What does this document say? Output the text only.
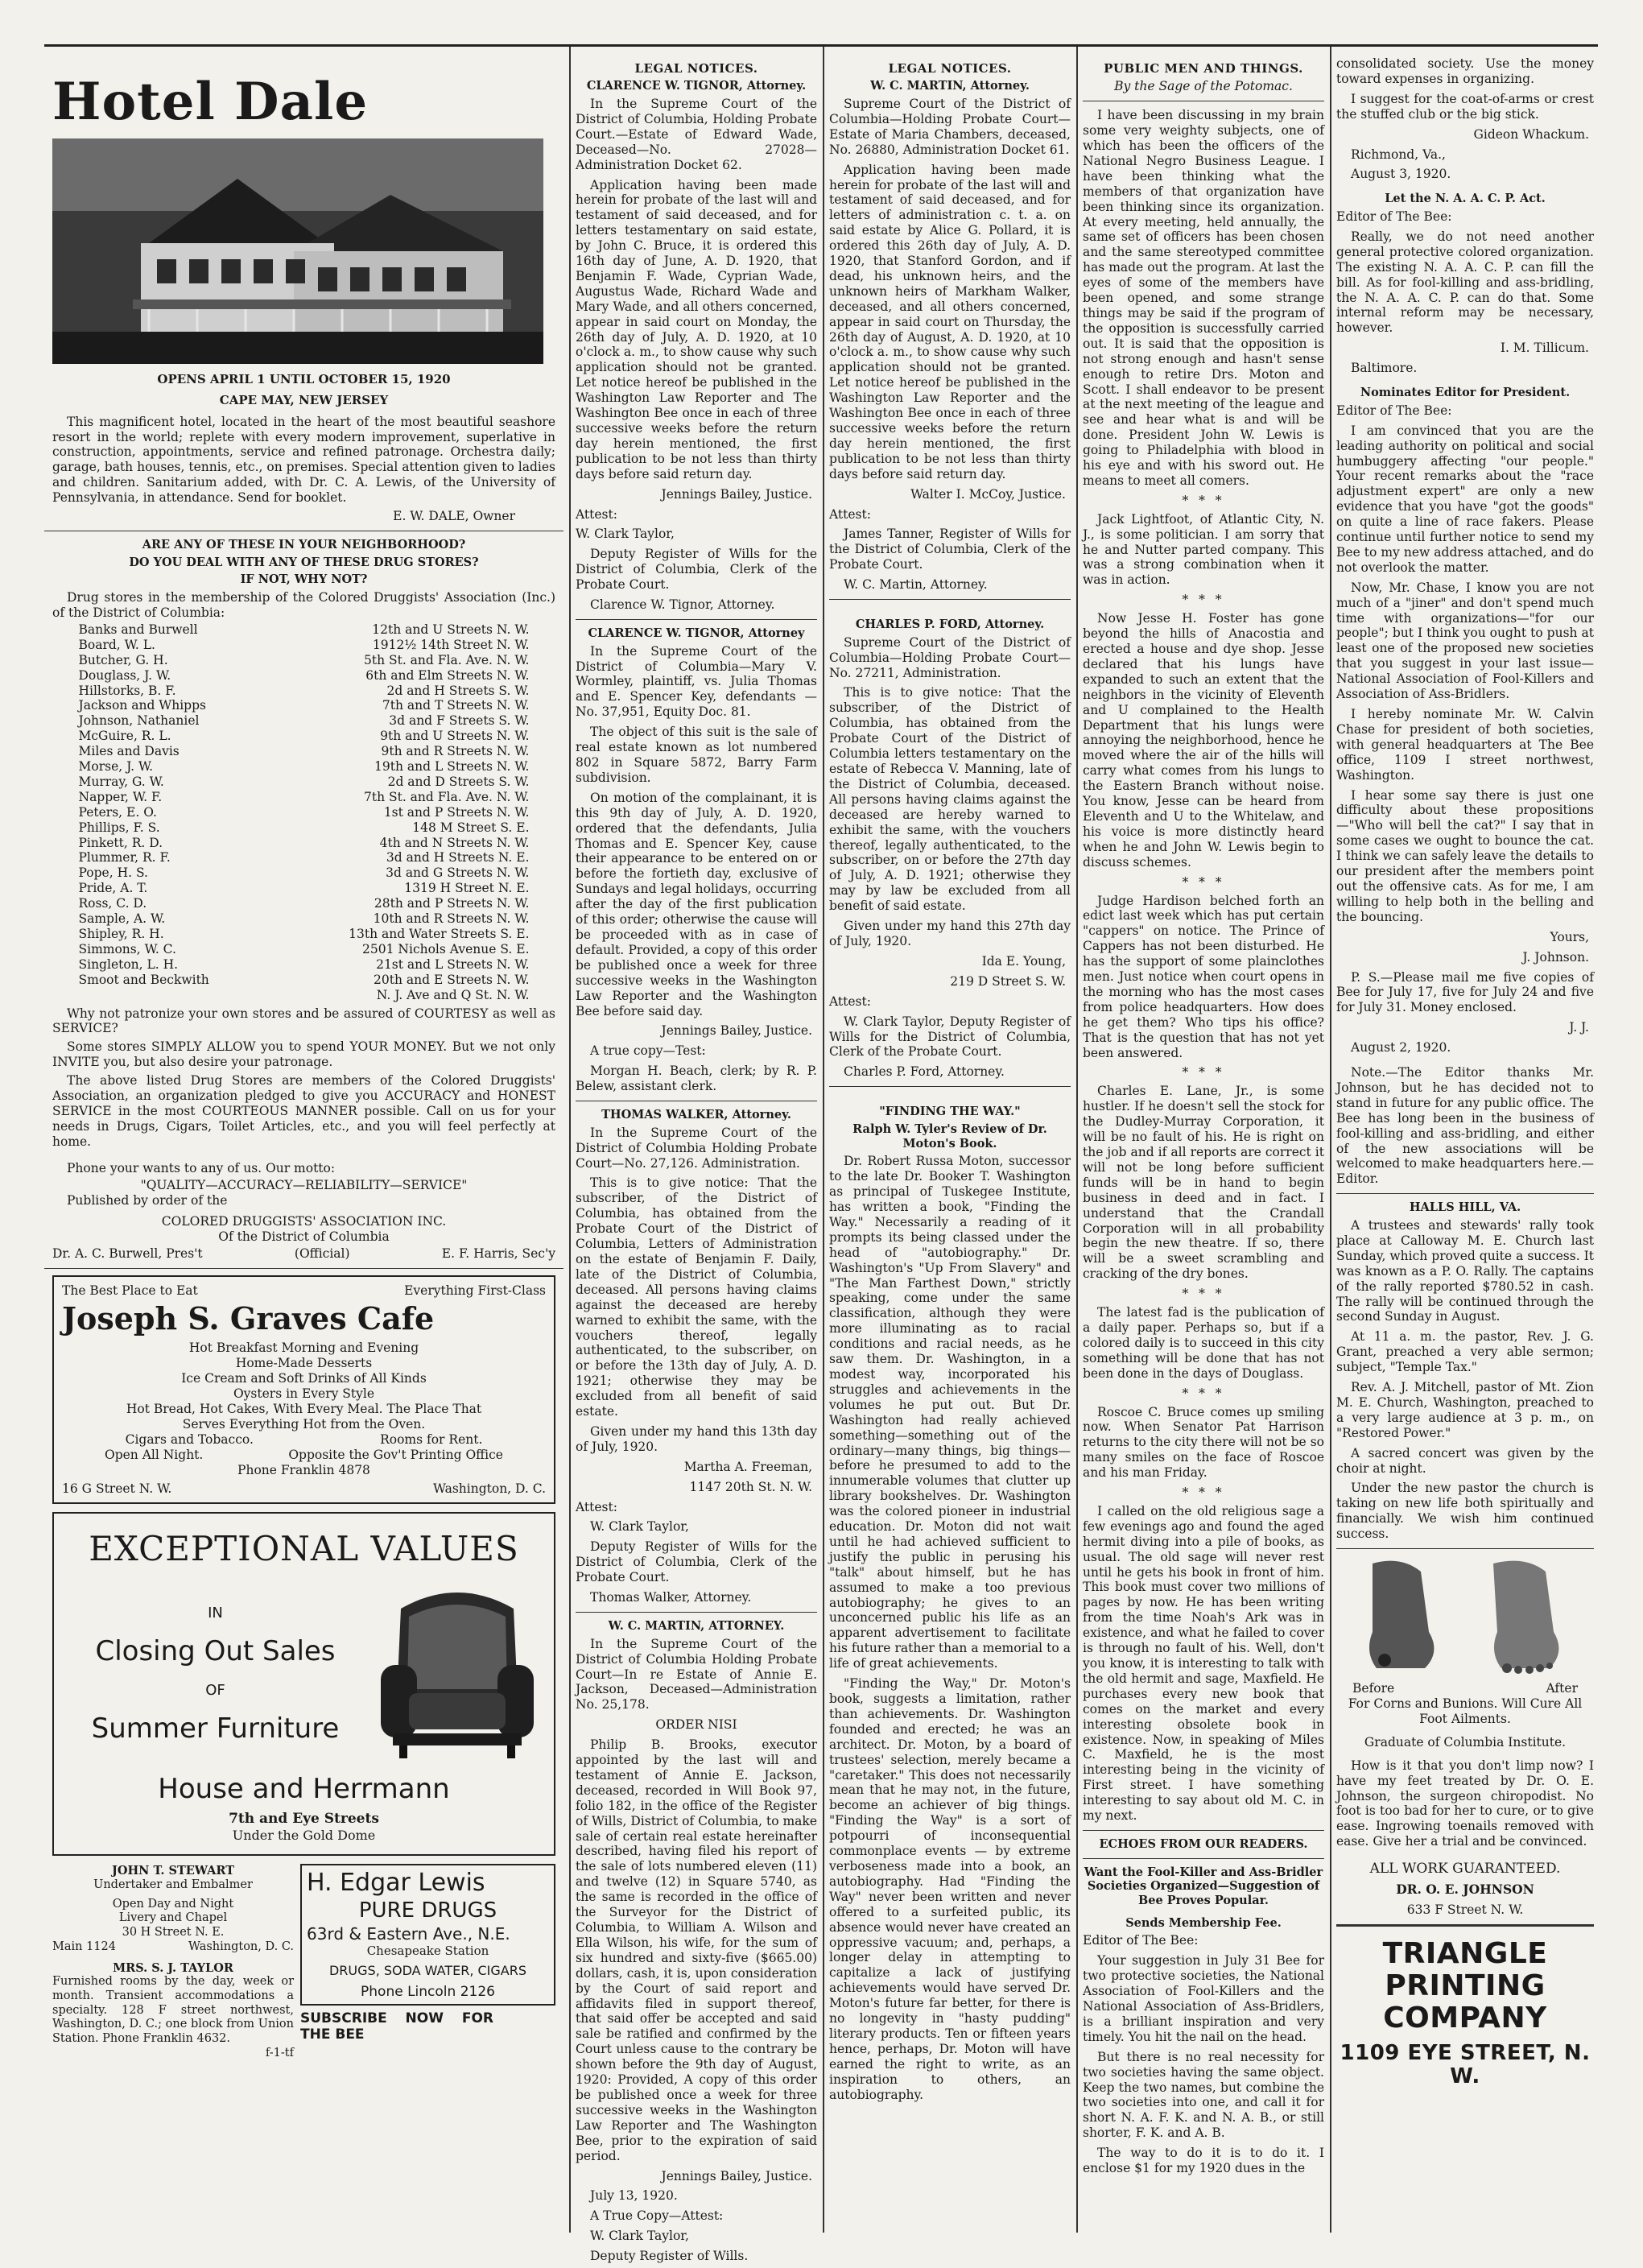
Hotel Dale
OPENS APRIL 1 UNTIL OCTOBER 15, 1920
CAPE MAY, NEW JERSEY

This magnificent hotel, located in the heart of the most beautiful seashore resort in the world; replete with every modern improvement, superlative in construction, appointments, service and refined patronage. Orchestra daily; garage, bath houses, tennis, etc., on premises. Special attention given to ladies and children. Sanitarium added, with Dr. C. A. Lewis, of the University of Pennsylvania, in attendance. Send for booklet.

E. W. DALE, Owner

ARE ANY OF THESE IN YOUR NEIGHBORHOOD?
DO YOU DEAL WITH ANY OF THESE DRUG STORES?
IF NOT, WHY NOT?

Drug stores in the membership of the Colored Druggists' Association (Inc.) of the District of Columbia:

Banks and Burwell	12th and U Streets N. W.
Board, W. L.	1912½ 14th Street N. W.
Butcher, G. H.	5th St. and Fla. Ave. N. W.
Douglass, J. W.	6th and Elm Streets N. W.
Hillstorks, B. F.	2d and H Streets S. W.
Jackson and Whipps	7th and T Streets N. W.
Johnson, Nathaniel	3d and F Streets S. W.
McGuire, R. L.	9th and U Streets N. W.
Miles and Davis	9th and R Streets N. W.
Morse, J. W.	19th and L Streets N. W.
Murray, G. W.	2d and D Streets S. W.
Napper, W. F.	7th St. and Fla. Ave. N. W.
Peters, E. O.	1st and P Streets N. W.
Phillips, F. S.	148 M Street S. E.
Pinkett, R. D.	4th and N Streets N. W.
Plummer, R. F.	3d and H Streets N. E.
Pope, H. S.	3d and G Streets N. W.
Pride, A. T.	1319 H Street N. E.
Ross, C. D.	28th and P Streets N. W.
Sample, A. W.	10th and R Streets N. W.
Shipley, R. H.	13th and Water Streets S. E.
Simmons, W. C.	2501 Nichols Avenue S. E.
Singleton, L. H.	21st and L Streets N. W.
Smoot and Beckwith	20th and E Streets N. W.
N. J. Ave and Q St. N. W.

Why not patronize your own stores and be assured of COURTESY as well as SERVICE?

Some stores SIMPLY ALLOW you to spend YOUR MONEY. But we not only INVITE you, but also desire your patronage.

The above listed Drug Stores are members of the Colored Druggists' Association, an organization pledged to give you ACCURACY and HONEST SERVICE in the most COURTEOUS MANNER possible. Call on us for your needs in Drugs, Cigars, Toilet Articles, etc., and you will feel perfectly at home.

Phone your wants to any of us. Our motto:

"QUALITY—ACCURACY—RELIABILITY—SERVICE"

Published by order of the

COLORED DRUGGISTS' ASSOCIATION INC.

Of the District of Columbia

Dr. A. C. Burwell, Pres't	(Official)	E. F. Harris, Sec'y
The Best Place to Eat	Everything First-Class
Joseph S. Graves Cafe
Hot Breakfast Morning and Evening
Home-Made Desserts
Ice Cream and Soft Drinks of All Kinds
Oysters in Every Style
Hot Bread, Hot Cakes, With Every Meal. The Place That
Serves Everything Hot from the Oven.
Cigars and Tobacco.	Rooms for Rent.
Open All Night.	Opposite the Gov't Printing Office
Phone Franklin 4878
16 G Street N. W.	Washington, D. C.
EXCEPTIONAL VALUES
IN
Closing Out Sales
OF
Summer Furniture
House and Herrmann
7th and Eye Streets
Under the Gold Dome
JOHN T. STEWART
Undertaker and Embalmer
Open Day and Night
Livery and Chapel
30 H Street N. E.
Main 1124	Washington, D. C.
MRS. S. J. TAYLOR
Furnished rooms by the day, week or month. Transient accommodations a specialty. 128 F street northwest, Washington, D. C.; one block from Union Station. Phone Franklin 4632.
f-1-tf
H. Edgar Lewis
PURE DRUGS
63rd & Eastern Ave., N.E.
Chesapeake Station
DRUGS, SODA WATER, CIGARS
Phone Lincoln 2126
SUBSCRIBE NOW FOR THE BEE
LEGAL NOTICES.
CLARENCE W. TIGNOR, Attorney.

In the Supreme Court of the District of Columbia, Holding Probate Court.—Estate of Edward Wade, Deceased—No. 27028—Administration Docket 62.

Application having been made herein for probate of the last will and testament of said deceased, and for letters testamentary on said estate, by John C. Bruce, it is ordered this 16th day of June, A. D. 1920, that Benjamin F. Wade, Cyprian Wade, Augustus Wade, Richard Wade and Mary Wade, and all others concerned, appear in said court on Monday, the 26th day of July, A. D. 1920, at 10 o'clock a. m., to show cause why such application should not be granted. Let notice hereof be published in the Washington Law Reporter and The Washington Bee once in each of three successive weeks before the return day herein mentioned, the first publication to be not less than thirty days before said return day.

Jennings Bailey, Justice.

Attest:

W. Clark Taylor,

Deputy Register of Wills for the District of Columbia, Clerk of the Probate Court.

Clarence W. Tignor, Attorney.

CLARENCE W. TIGNOR, Attorney

In the Supreme Court of the District of Columbia—Mary V. Wormley, plaintiff, vs. Julia Thomas and E. Spencer Key, defendants — No. 37,951, Equity Doc. 81.

The object of this suit is the sale of real estate known as lot numbered 802 in Square 5872, Barry Farm subdivision.

On motion of the complainant, it is this 9th day of July, A. D. 1920, ordered that the defendants, Julia Thomas and E. Spencer Key, cause their appearance to be entered on or before the fortieth day, exclusive of Sundays and legal holidays, occurring after the day of the first publication of this order; otherwise the cause will be proceeded with as in case of default. Provided, a copy of this order be published once a week for three successive weeks in the Washington Law Reporter and the Washington Bee before said day.

Jennings Bailey, Justice.

A true copy—Test:

Morgan H. Beach, clerk; by R. P. Belew, assistant clerk.

THOMAS WALKER, Attorney.

In the Supreme Court of the District of Columbia Holding Probate Court—No. 27,126. Administration.

This is to give notice: That the subscriber, of the District of Columbia, has obtained from the Probate Court of the District of Columbia, Letters of Administration on the estate of Benjamin F. Daily, late of the District of Columbia, deceased. All persons having claims against the deceased are hereby warned to exhibit the same, with the vouchers thereof, legally authenticated, to the subscriber, on or before the 13th day of July, A. D. 1921; otherwise they may be excluded from all benefit of said estate.

Given under my hand this 13th day of July, 1920.

Martha A. Freeman,

1147 20th St. N. W.

Attest:

W. Clark Taylor,

Deputy Register of Wills for the District of Columbia, Clerk of the Probate Court.

Thomas Walker, Attorney.

W. C. MARTIN, ATTORNEY.

In the Supreme Court of the District of Columbia Holding Probate Court—In re Estate of Annie E. Jackson, Deceased—Administration No. 25,178.

ORDER NISI

Philip B. Brooks, executor appointed by the last will and testament of Annie E. Jackson, deceased, recorded in Will Book 97, folio 182, in the office of the Register of Wills, District of Columbia, to make sale of certain real estate hereinafter described, having filed his report of the sale of lots numbered eleven (11) and twelve (12) in Square 5740, as the same is recorded in the office of the Surveyor for the District of Columbia, to William A. Wilson and Ella Wilson, his wife, for the sum of six hundred and sixty-five ($665.00) dollars, cash, it is, upon consideration by the Court of said report and affidavits filed in support thereof, that said offer be accepted and said sale be ratified and confirmed by the Court unless cause to the contrary be shown before the 9th day of August, 1920: Provided, A copy of this order be published once a week for three successive weeks in the Washington Law Reporter and The Washington Bee, prior to the expiration of said period.

Jennings Bailey, Justice.

July 13, 1920.

A True Copy—Attest:

W. Clark Taylor,

Deputy Register of Wills.

LEGAL NOTICES.
W. C. MARTIN, Attorney.

Supreme Court of the District of Columbia—Holding Probate Court—Estate of Maria Chambers, deceased, No. 26880, Administration Docket 61.

Application having been made herein for probate of the last will and testament of said deceased, and for letters of administration c. t. a. on said estate by Alice G. Pollard, it is ordered this 26th day of July, A. D. 1920, that Stanford Gordon, and if dead, his unknown heirs, and the unknown heirs of Markham Walker, deceased, and all others concerned, appear in said court on Thursday, the 26th day of August, A. D. 1920, at 10 o'clock a. m., to show cause why such application should not be granted. Let notice hereof be published in the Washington Law Reporter and the Washington Bee once in each of three successive weeks before the return day herein mentioned, the first publication to be not less than thirty days before said return day.

Walter I. McCoy, Justice.

Attest:

James Tanner, Register of Wills for the District of Columbia, Clerk of the Probate Court.

W. C. Martin, Attorney.

CHARLES P. FORD, Attorney.

Supreme Court of the District of Columbia—Holding Probate Court—No. 27211, Administration.

This is to give notice: That the subscriber, of the District of Columbia, has obtained from the Probate Court of the District of Columbia letters testamentary on the estate of Rebecca V. Manning, late of the District of Columbia, deceased. All persons having claims against the deceased are hereby warned to exhibit the same, with the vouchers thereof, legally authenticated, to the subscriber, on or before the 27th day of July, A. D. 1921; otherwise they may by law be excluded from all benefit of said estate.

Given under my hand this 27th day of July, 1920.

Ida E. Young,

219 D Street S. W.

Attest:

W. Clark Taylor, Deputy Register of Wills for the District of Columbia, Clerk of the Probate Court.

Charles P. Ford, Attorney.

"FINDING THE WAY."
Ralph W. Tyler's Review of Dr. Moton's Book.

Dr. Robert Russa Moton, successor to the late Dr. Booker T. Washington as principal of Tuskegee Institute, has written a book, "Finding the Way." Necessarily a reading of it prompts its being classed under the head of "autobiography." Dr. Washington's "Up From Slavery" and "The Man Farthest Down," strictly speaking, come under the same classification, although they were more illuminating as to racial conditions and racial needs, as he saw them. Dr. Washington, in a modest way, incorporated his struggles and achievements in the volumes he put out. But Dr. Washington had really achieved something—something out of the ordinary—many things, big things—before he presumed to add to the innumerable volumes that clutter up library bookshelves. Dr. Washington was the colored pioneer in industrial education. Dr. Moton did not wait until he had achieved sufficient to justify the public in perusing his "talk" about himself, but he has assumed to make a too previous autobiography; he gives to an unconcerned public his life as an apparent advertisement to facilitate his future rather than a memorial to a life of great achievements.

"Finding the Way," Dr. Moton's book, suggests a limitation, rather than achievements. Dr. Washington founded and erected; he was an architect. Dr. Moton, by a board of trustees' selection, merely became a "caretaker." This does not necessarily mean that he may not, in the future, become an achiever of big things. "Finding the Way" is a sort of potpourri of inconsequential commonplace events — by extreme verboseness made into a book, an autobiography. Had "Finding the Way" never been written and never offered to a surfeited public, its absence would never have created an oppressive vacuum; and, perhaps, a longer delay in attempting to capitalize a lack of justifying achievements would have served Dr. Moton's future far better, for there is no longevity in "hasty pudding" literary products. Ten or fifteen years hence, perhaps, Dr. Moton will have earned the right to write, as an inspiration to others, an autobiography.

PUBLIC MEN AND THINGS.
By the Sage of the Potomac.

I have been discussing in my brain some very weighty subjects, one of which has been the officers of the National Negro Business League. I have been thinking what the members of that organization have been thinking since its organization. At every meeting, held annually, the same set of officers has been chosen and the same stereotyped committee has made out the program. At last the eyes of some of the members have been opened, and some strange things may be said if the program of the opposition is successfully carried out. It is said that the opposition is not strong enough and hasn't sense enough to retire Drs. Moton and Scott. I shall endeavor to be present at the next meeting of the league and see and hear what is and will be done. President John W. Lewis is going to Philadelphia with blood in his eye and with his sword out. He means to meet all comers.

* * *

Jack Lightfoot, of Atlantic City, N. J., is some politician. I am sorry that he and Nutter parted company. This was a strong combination when it was in action.

* * *

Now Jesse H. Foster has gone beyond the hills of Anacostia and erected a house and dye shop. Jesse declared that his lungs have expanded to such an extent that the neighbors in the vicinity of Eleventh and U complained to the Health Department that his lungs were annoying the neighborhood, hence he moved where the air of the hills will carry what comes from his lungs to the Eastern Branch without noise. You know, Jesse can be heard from Eleventh and U to the Whitelaw, and his voice is more distinctly heard when he and John W. Lewis begin to discuss schemes.

* * *

Judge Hardison belched forth an edict last week which has put certain "cappers" on notice. The Prince of Cappers has not been disturbed. He has the support of some plainclothes men. Just notice when court opens in the morning who has the most cases from police headquarters. How does he get them? Who tips his office? That is the question that has not yet been answered.

* * *

Charles E. Lane, Jr., is some hustler. If he doesn't sell the stock for the Dudley-Murray Corporation, it will be no fault of his. He is right on the job and if all reports are correct it will not be long before sufficient funds will be in hand to begin business in deed and in fact. I understand that the Crandall Corporation will in all probability begin the new theatre. If so, there will be a sweet scrambling and cracking of the dry bones.

* * *

The latest fad is the publication of a daily paper. Perhaps so, but if a colored daily is to succeed in this city something will be done that has not been done in the days of Douglass.

* * *

Roscoe C. Bruce comes up smiling now. When Senator Pat Harrison returns to the city there will not be so many smiles on the face of Roscoe and his man Friday.

* * *

I called on the old religious sage a few evenings ago and found the aged hermit diving into a pile of books, as usual. The old sage will never rest until he gets his book in front of him. This book must cover two millions of pages by now. He has been writing from the time Noah's Ark was in existence, and what he failed to cover is through no fault of his. Well, don't you know, it is interesting to talk with the old hermit and sage, Maxfield. He purchases every new book that comes on the market and every interesting obsolete book in existence. Now, in speaking of Miles C. Maxfield, he is the most interesting being in the vicinity of First street. I have something interesting to say about old M. C. in my next.

ECHOES FROM OUR READERS.
Want the Fool-Killer and Ass-Bridler Societies Organized—Suggestion of Bee Proves Popular.
Sends Membership Fee.

Editor of The Bee:

Your suggestion in July 31 Bee for two protective societies, the National Association of Fool-Killers and the National Association of Ass-Bridlers, is a brilliant inspiration and very timely. You hit the nail on the head.

But there is no real necessity for two societies having the same object. Keep the two names, but combine the two societies into one, and call it for short N. A. F. K. and N. A. B., or still shorter, F. K. and A. B.

The way to do it is to do it. I enclose $1 for my 1920 dues in the

consolidated society. Use the money toward expenses in organizing.

I suggest for the coat-of-arms or crest the stuffed club or the big stick.

Gideon Whackum.

Richmond, Va.,

August 3, 1920.

Let the N. A. A. C. P. Act.

Editor of The Bee:

Really, we do not need another general protective colored organization. The existing N. A. A. C. P. can fill the bill. As for fool-killing and ass-bridling, the N. A. A. C. P. can do that. Some internal reform may be necessary, however.

I. M. Tillicum.

Baltimore.

Nominates Editor for President.

Editor of The Bee:

I am convinced that you are the leading authority on political and social humbuggery affecting "our people." Your recent remarks about the "race adjustment expert" are only a new evidence that you have "got the goods" on quite a line of race fakers. Please continue until further notice to send my Bee to my new address attached, and do not overlook the matter.

Now, Mr. Chase, I know you are not much of a "jiner" and don't spend much time with organizations—"for our people"; but I think you ought to push at least one of the proposed new societies that you suggest in your last issue—National Association of Fool-Killers and Association of Ass-Bridlers.

I hereby nominate Mr. W. Calvin Chase for president of both societies, with general headquarters at The Bee office, 1109 I street northwest, Washington.

I hear some say there is just one difficulty about these propositions—"Who will bell the cat?" I say that in some cases we ought to bounce the cat. I think we can safely leave the details to our president after the members point out the offensive cats. As for me, I am willing to help both in the belling and the bouncing.

Yours,

J. Johnson.

P. S.—Please mail me five copies of Bee for July 17, five for July 24 and five for July 31. Money enclosed.

J. J.

August 2, 1920.

Note.—The Editor thanks Mr. Johnson, but he has decided not to stand in future for any public office. The Bee has long been in the business of fool-killing and ass-bridling, and either of the new associations will be welcomed to make headquarters here.—Editor.

HALLS HILL, VA.

A trustees and stewards' rally took place at Calloway M. E. Church last Sunday, which proved quite a success. It was known as a P. O. Rally. The captains of the rally reported $780.52 in cash. The rally will be continued through the second Sunday in August.

At 11 a. m. the pastor, Rev. J. G. Grant, preached a very able sermon; subject, "Temple Tax."

Rev. A. J. Mitchell, pastor of Mt. Zion M. E. Church, Washington, preached to a very large audience at 3 p. m., on "Restored Power."

A sacred concert was given by the choir at night.

Under the new pastor the church is taking on new life both spiritually and financially. We wish him continued success.

Before	After

For Corns and Bunions. Will Cure All Foot Ailments.

Graduate of Columbia Institute.

How is it that you don't limp now? I have my feet treated by Dr. O. E. Johnson, the surgeon chiropodist. No foot is too bad for her to cure, or to give ease. Ingrowing toenails removed with ease. Give her a trial and be convinced.

ALL WORK GUARANTEED.

DR. O. E. JOHNSON

633 F Street N. W.

TRIANGLE PRINTING
COMPANY
1109 EYE STREET, N. W.
